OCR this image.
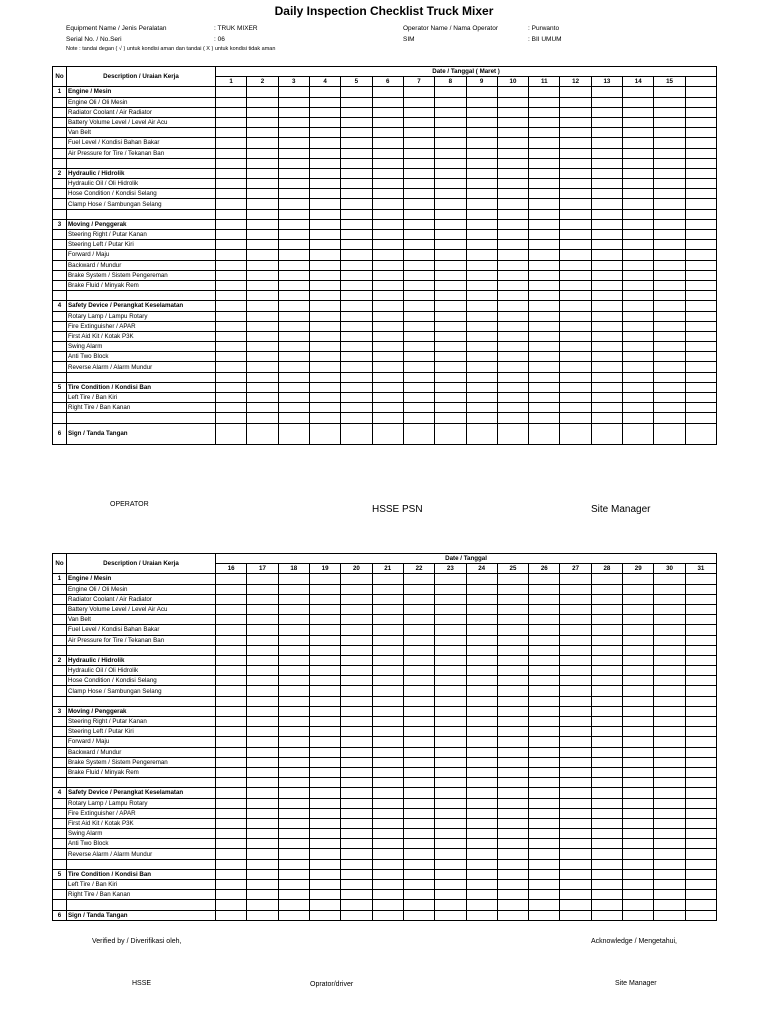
Daily Inspection Checklist Truck Mixer
Equipment Name / Jenis Peralatan	: TRUK MIXER
Serial No. / No.Seri	: 06
Operator Name / Nama Operator	: Purwanto
SIM	: BII UMUM
Note : tandai degan ( √ ) untuk kondisi aman dan tandai ( X ) untuk kondisi tidak aman
No	Description / Uraian Kerja	Date / Tanggal ( Maret )															
		1	2	3	4	5	6	7	8	9	10	11	12	13	14	15	
1	Engine / Mesin																
	Engine Oli / Oli Mesin																
	Radiator Coolant / Air Radiator																
	Battery Volume Level / Level Air Acu																
	Van Belt																
	Fuel Level / Kondisi Bahan Bakar																
	Air Pressure for Tire / Tekanan Ban																

2	Hydraulic / Hidrolik																
	Hydraulic Oil / Oli Hidrolik																
	Hose Condition / Kondisi Selang																
	Clamp Hose / Sambungan Selang																

3	Moving / Penggerak																
	Steering Right / Putar Kanan																
	Steering Left / Putar Kiri																
	Forward / Maju																
	Backward / Mundur																
	Brake System / Sistem Pengereman																
	Brake Fluid / Minyak Rem																

4	Safety Device / Perangkat Keselamatan																
	Rotary Lamp / Lampu Rotary																
	Fire Extinguisher / APAR																
	First Aid Kit / Kotak P3K																
	Swing Alarm																
	Anti Two Block																
	Reverse Alarm / Alarm Mundur																

5	Tire Condition / Kondisi Ban																
	Left Tire / Ban Kiri																
	Right Tire / Ban Kanan																

6	Sign / Tanda Tangan																
OPERATOR	HSSE PSN	Site Manager
No	Description / Uraian Kerja	Date / Tanggal															
		16	17	18	19	20	21	22	23	24	25	26	27	28	29	30	31
1	Engine / Mesin																
	Engine Oli / Oli Mesin																
	Radiator Coolant / Air Radiator																
	Battery Volume Level / Level Air Acu																
	Van Belt																
	Fuel Level / Kondisi Bahan Bakar																
	Air Pressure for Tire / Tekanan Ban																

2	Hydraulic / Hidrolik																
	Hydraulic Oil / Oli Hidrolik																
	Hose Condition / Kondisi Selang																
	Clamp Hose / Sambungan Selang																

3	Moving / Penggerak																
	Steering Right / Putar Kanan																
	Steering Left / Putar Kiri																
	Forward / Maju																
	Backward / Mundur																
	Brake System / Sistem Pengereman																
	Brake Fluid / Minyak Rem																

4	Safety Device / Perangkat Keselamatan																
	Rotary Lamp / Lampu Rotary																
	Fire Extinguisher / APAR																
	First Aid Kit / Kotak P3K																
	Swing Alarm																
	Anti Two Block																
	Reverse Alarm / Alarm Mundur																

5	Tire Condition / Kondisi Ban																
	Left Tire / Ban Kiri																
	Right Tire / Ban Kanan																

6	Sign / Tanda Tangan																
Verified by / Diverifikasi oleh,	Acknowledge / Mengetahui,
HSSE	Oprator/driver	Site Manager
